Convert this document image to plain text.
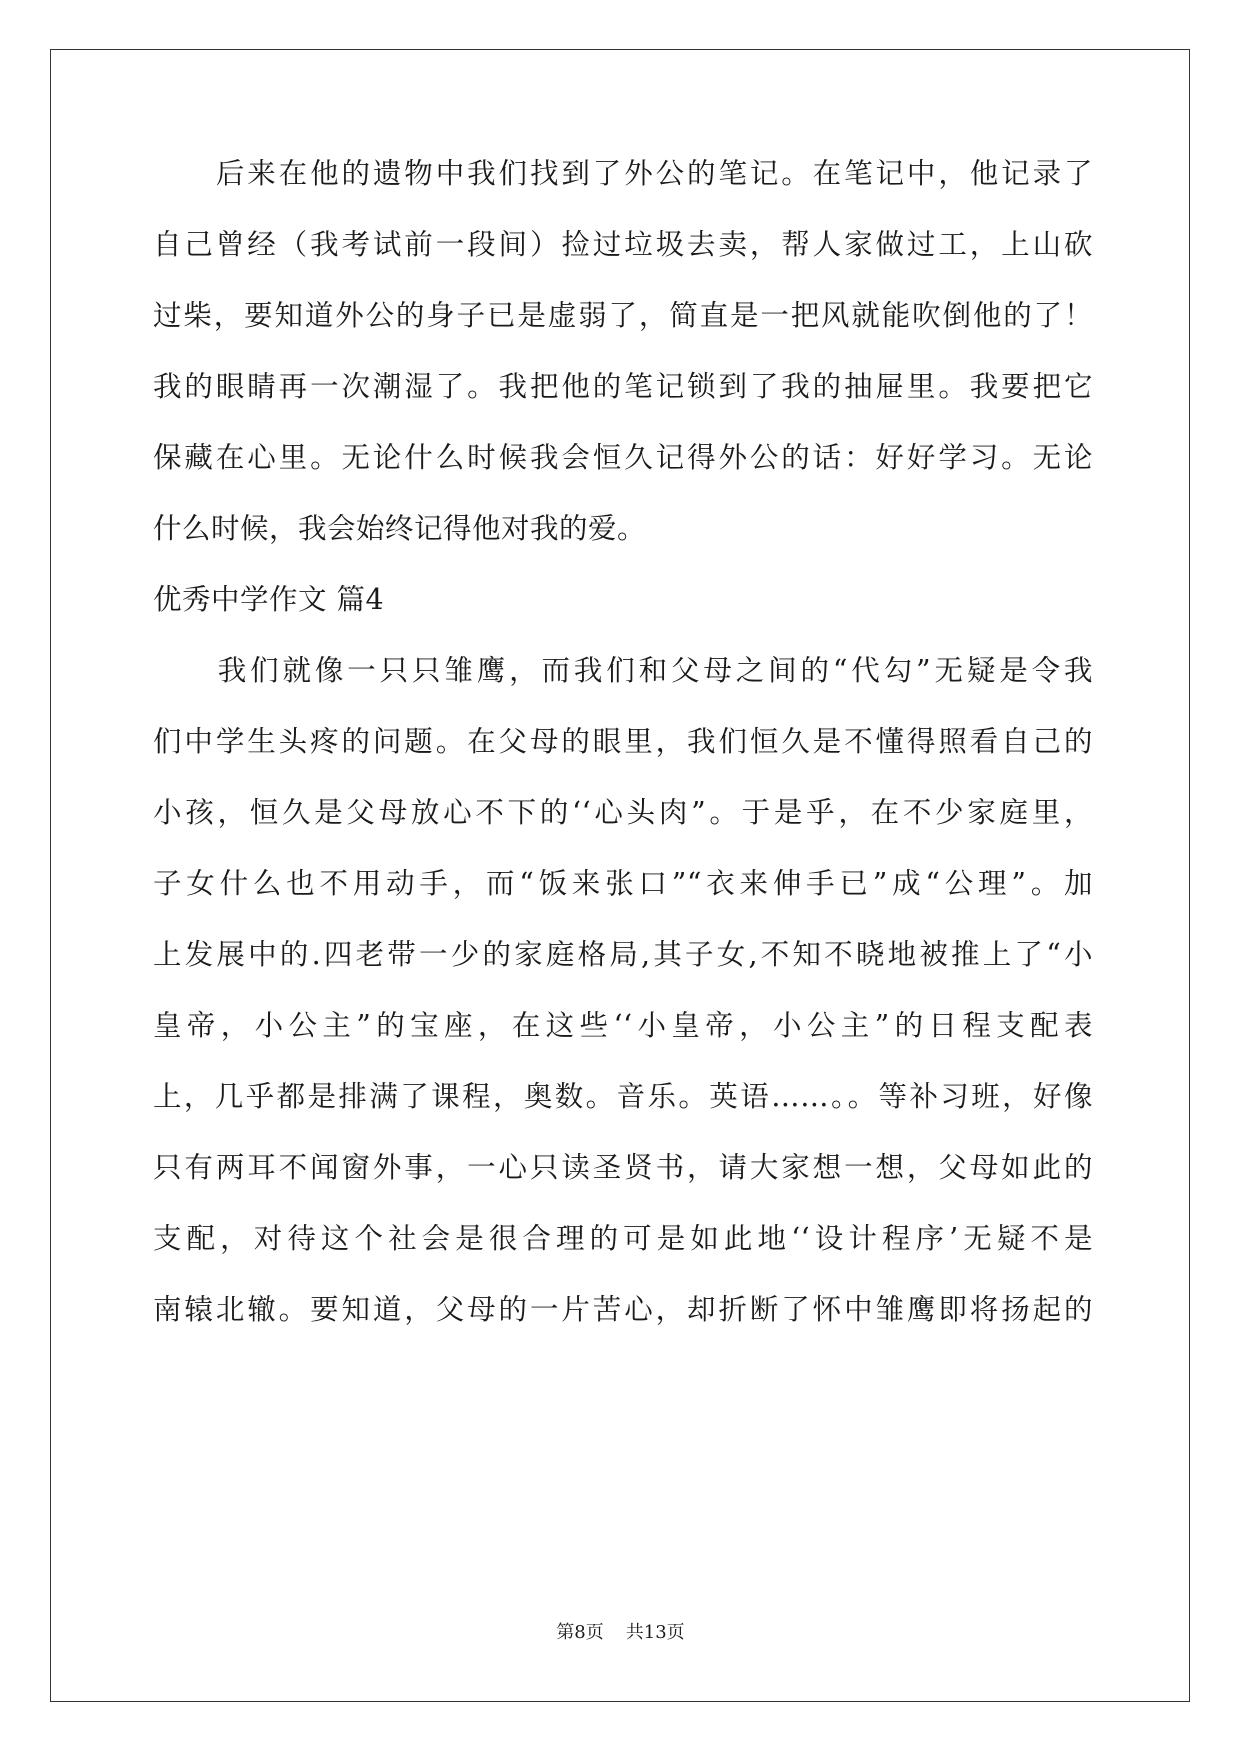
　　后来在他的遗物中我们找到了外公的笔记。在笔记中，他记录了
自己曾经（我考试前一段间）捡过垃圾去卖，帮人家做过工，上山砍
过柴，要知道外公的身子已是虚弱了，简直是一把风就能吹倒他的了！
我的眼睛再一次潮湿了。我把他的笔记锁到了我的抽屉里。我要把它
保藏在心里。无论什么时候我会恒久记得外公的话：好好学习。无论
什么时候，我会始终记得他对我的爱。
优秀中学作文 篇4
　　我们就像一只只雏鹰，而我们和父母之间的“代勾”无疑是令我
们中学生头疼的问题。在父母的眼里，我们恒久是不懂得照看自己的
小孩，恒久是父母放心不下的‘‘心头肉”。于是乎，在不少家庭里，
子女什么也不用动手，而“饭来张口”“衣来伸手已”成“公理”。加
上发展中的.四老带一少的家庭格局,其子女,不知不晓地被推上了“小
皇帝，小公主”的宝座，在这些‘‘小皇帝，小公主”的日程支配表
上，几乎都是排满了课程，奥数。音乐。英语……。。等补习班，好像
只有两耳不闻窗外事，一心只读圣贤书，请大家想一想，父母如此的
支配，对待这个社会是很合理的可是如此地‘‘设计程序’无疑不是
南辕北辙。要知道，父母的一片苦心，却折断了怀中雏鹰即将扬起的
第8页 共13页
